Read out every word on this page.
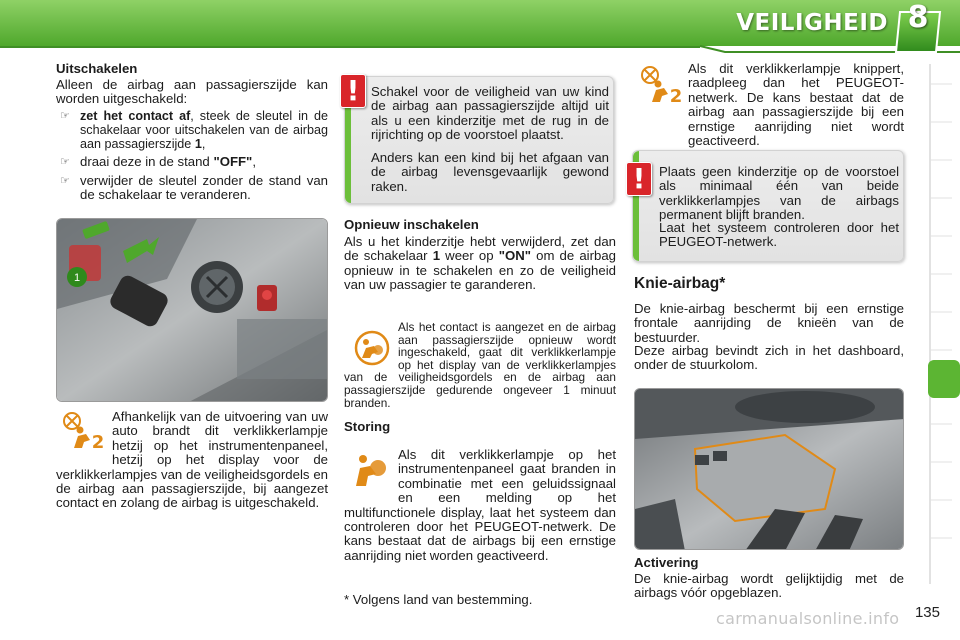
VEILIGHEID 8
Uitschakelen
Alleen de airbag aan passagierszijde kan worden uitgeschakeld:
☞ zet het contact af, steek de sleutel in de schakelaar voor uitschakelen van de airbag aan passagierszijde 1,
☞ draai deze in de stand "OFF",
☞ verwijder de sleutel zonder de stand van de schakelaar te veranderen.
1
2
Afhankelijk van de uitvoering van uw auto brandt dit verklikkerlampje hetzij op het instrumentenpaneel, hetzij op het display voor de verklikkerlampjes van de veiligheidsgordels en de airbag aan passagierszijde, bij aangezet contact en zolang de airbag is uitgeschakeld.
Schakel voor de veiligheid van uw kind de airbag aan passagierszijde altijd uit als u een kinderzitje met de rug in de rijrichting op de voorstoel plaatst.
Anders kan een kind bij het afgaan van de airbag levensgevaarlijk gewond raken.
!
Opnieuw inschakelen
Als u het kinderzitje hebt verwijderd, zet dan de schakelaar 1 weer op "ON" om de airbag opnieuw in te schakelen en zo de veiligheid van uw passagier te garanderen.
Als het contact is aangezet en de airbag aan passagierszijde opnieuw wordt ingeschakeld, gaat dit verklikkerlampje op het display van de verklikkerlampjes van de veiligheidsgordels en de airbag aan passagierszijde gedurende ongeveer 1 minuut branden.
Storing
Als dit verklikkerlampje op het instrumentenpaneel gaat branden in combinatie met een geluidssignaal en een melding op het multifunctionele display, laat het systeem dan controleren door het PEUGEOT-netwerk. De kans bestaat dat de airbags bij een ernstige aanrijding niet worden geactiveerd.
* Volgens land van bestemming.
2
Als dit verklikkerlampje knippert, raadpleeg dan het PEUGEOT-netwerk. De kans bestaat dat de airbag aan passagierszijde bij een ernstige aanrijding niet wordt geactiveerd.
Plaats geen kinderzitje op de voorstoel als minimaal één van beide verklikkerlampjes van de airbags permanent blijft branden.
Laat het systeem controleren door het PEUGEOT-netwerk.
!
Knie-airbag*
De knie-airbag beschermt bij een ernstige frontale aanrijding de knieën van de bestuurder.
Deze airbag bevindt zich in het dashboard, onder de stuurkolom.
Activering
De knie-airbag wordt gelijktijdig met de airbags vóór opgeblazen.
135
carmanualsonline.info
